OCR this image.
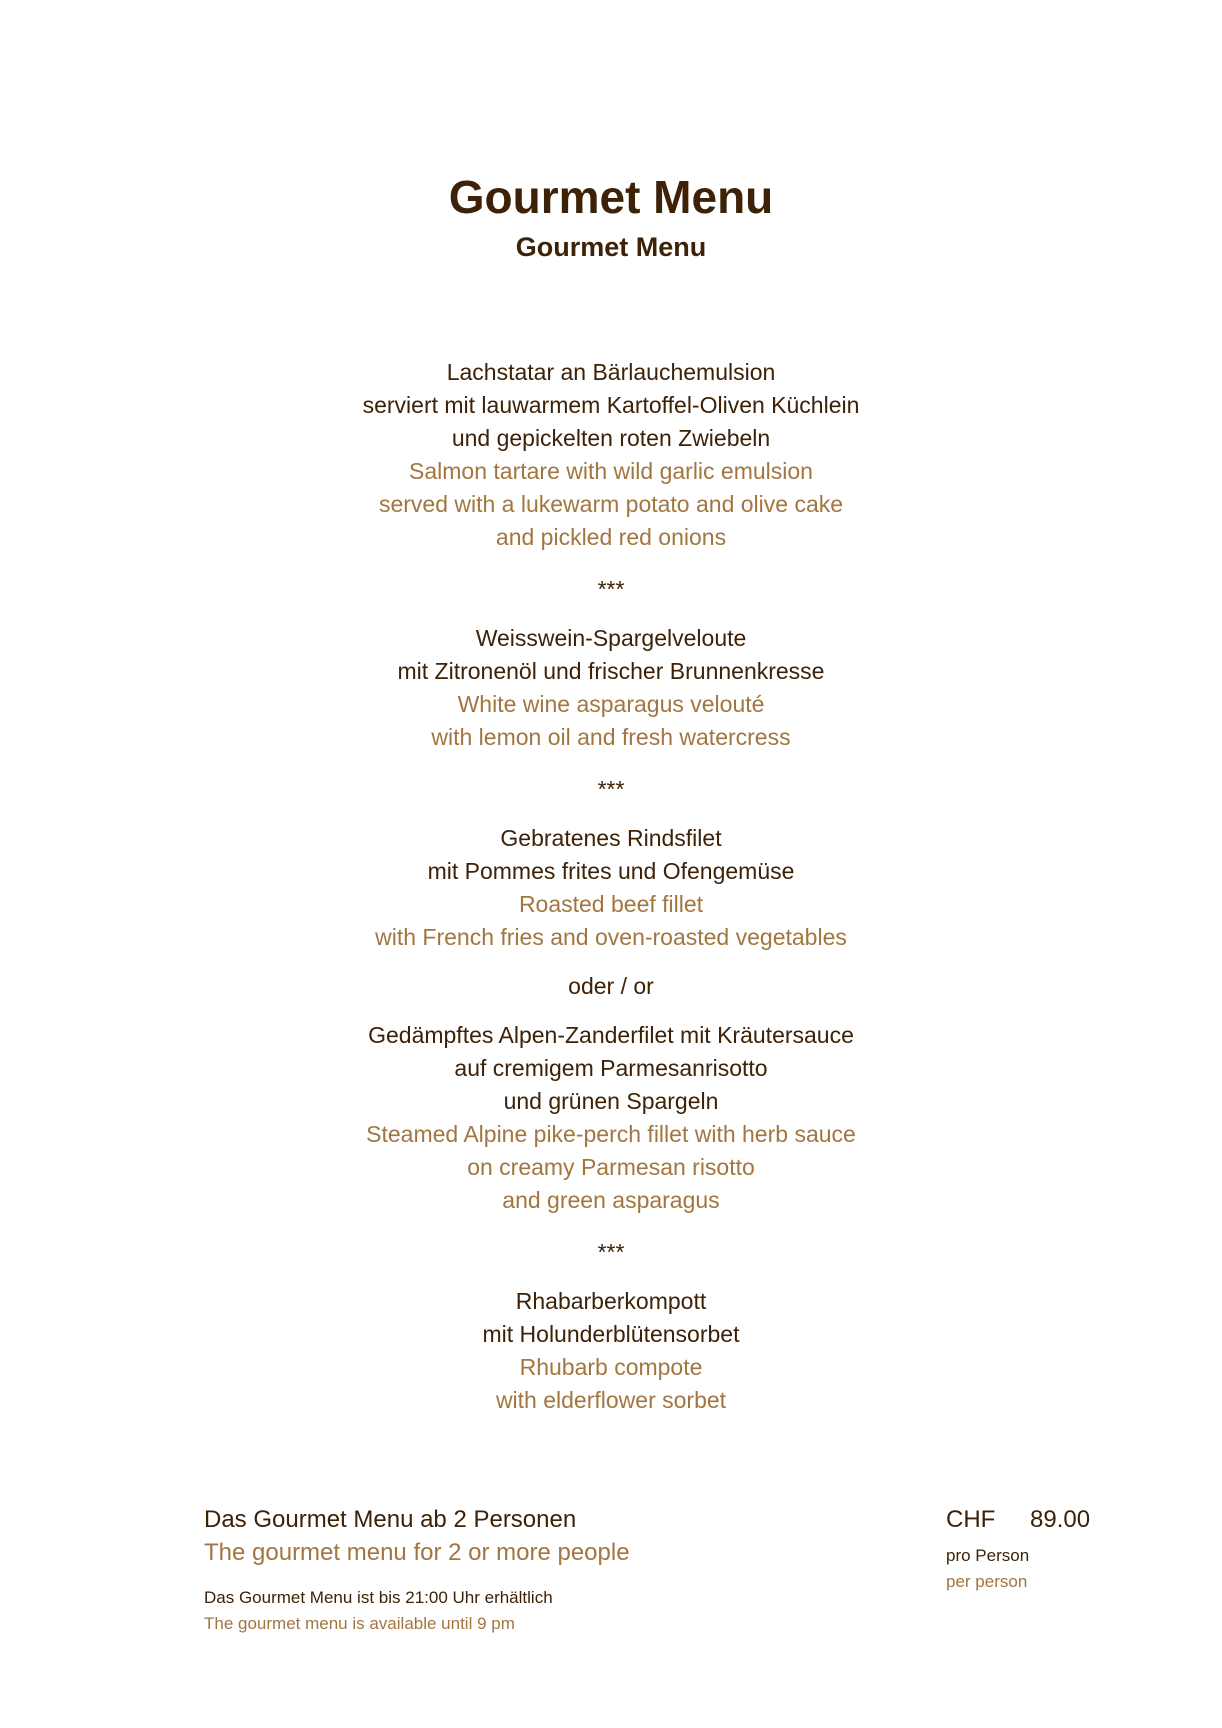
Gourmet Menu
Gourmet Menu
Lachstatar an Bärlauchemulsion
serviert mit lauwarmem Kartoffel-Oliven Küchlein
und gepickelten roten Zwiebeln
Salmon tartare with wild garlic emulsion
served with a lukewarm potato and olive cake
and pickled red onions
***
Weisswein-Spargelveloute
mit Zitronenöl und frischer Brunnenkresse
White wine asparagus velouté
with lemon oil and fresh watercress
***
Gebratenes Rindsfilet
mit Pommes frites und Ofengemüse
Roasted beef fillet
with French fries and oven-roasted vegetables
oder / or
Gedämpftes Alpen-Zanderfilet mit Kräutersauce
auf cremigem Parmesanrisotto
und grünen Spargeln
Steamed Alpine pike-perch fillet with herb sauce
on creamy Parmesan risotto
and green asparagus
***
Rhabarberkompott
mit Holunderblütensorbet
Rhubarb compote
with elderflower sorbet
Das Gourmet Menu ab 2 Personen
The gourmet menu for 2 or more people
Das Gourmet Menu ist bis 21:00 Uhr erhältlich
The gourmet menu is available until 9 pm
CHF 89.00
pro Person
per person
